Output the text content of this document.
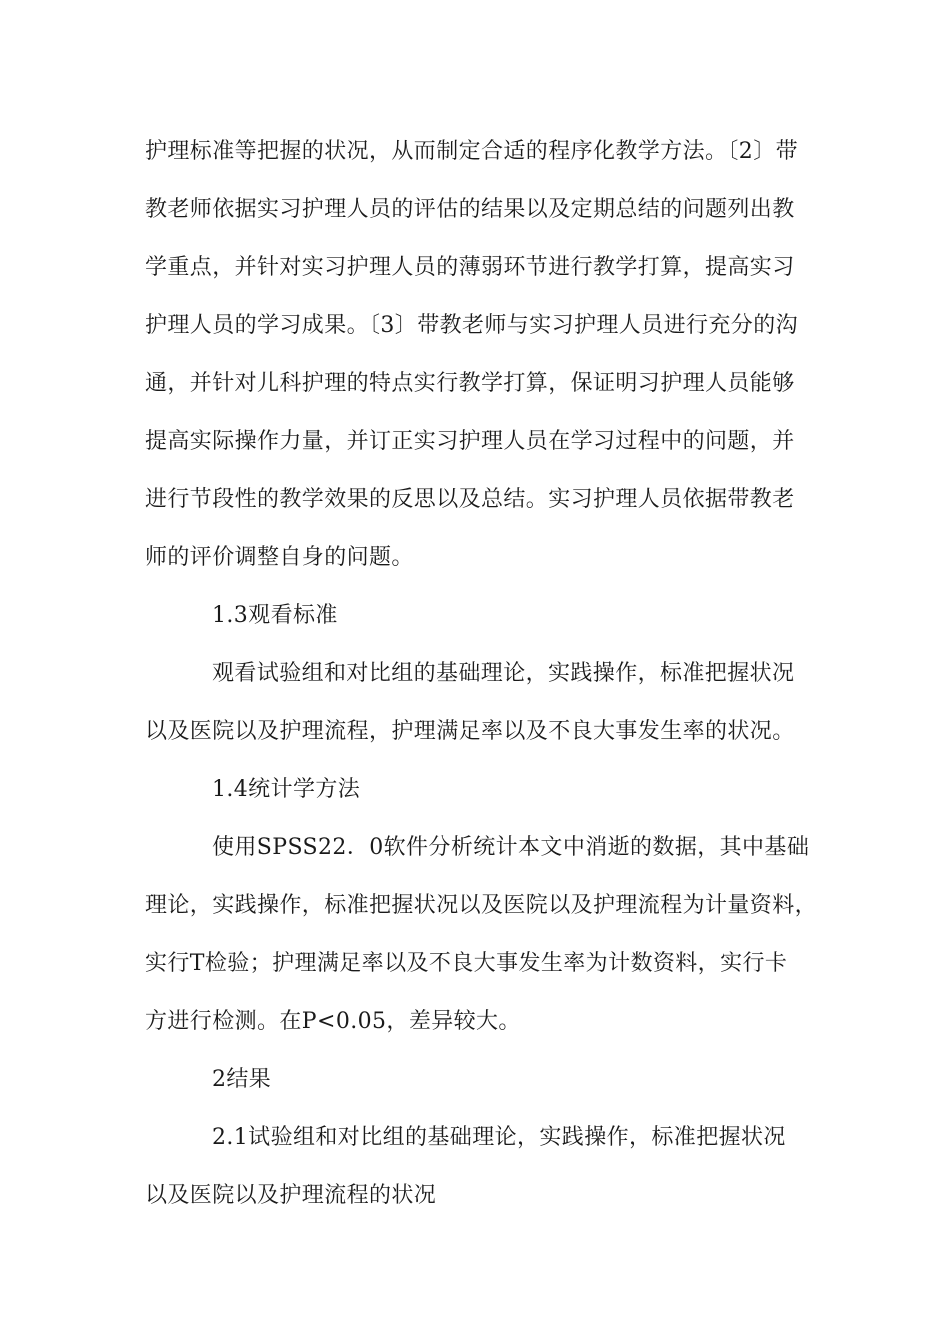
护理标准等把握的状况，从而制定合适的程序化教学方法。〔2〕带
教老师依据实习护理人员的评估的结果以及定期总结的问题列出教
学重点，并针对实习护理人员的薄弱环节进行教学打算，提高实习
护理人员的学习成果。〔3〕带教老师与实习护理人员进行充分的沟
通，并针对儿科护理的特点实行教学打算，保证明习护理人员能够
提高实际操作力量，并订正实习护理人员在学习过程中的问题，并
进行节段性的教学效果的反思以及总结。实习护理人员依据带教老
师的评价调整自身的问题。
1.3观看标准
观看试验组和对比组的基础理论，实践操作，标准把握状况
以及医院以及护理流程，护理满足率以及不良大事发生率的状况。
1.4统计学方法
使用SPSS22．0软件分析统计本文中消逝的数据，其中基础
理论，实践操作，标准把握状况以及医院以及护理流程为计量资料，
实行T检验；护理满足率以及不良大事发生率为计数资料，实行卡
方进行检测。在P<0.05，差异较大。
2结果
2.1试验组和对比组的基础理论，实践操作，标准把握状况
以及医院以及护理流程的状况
